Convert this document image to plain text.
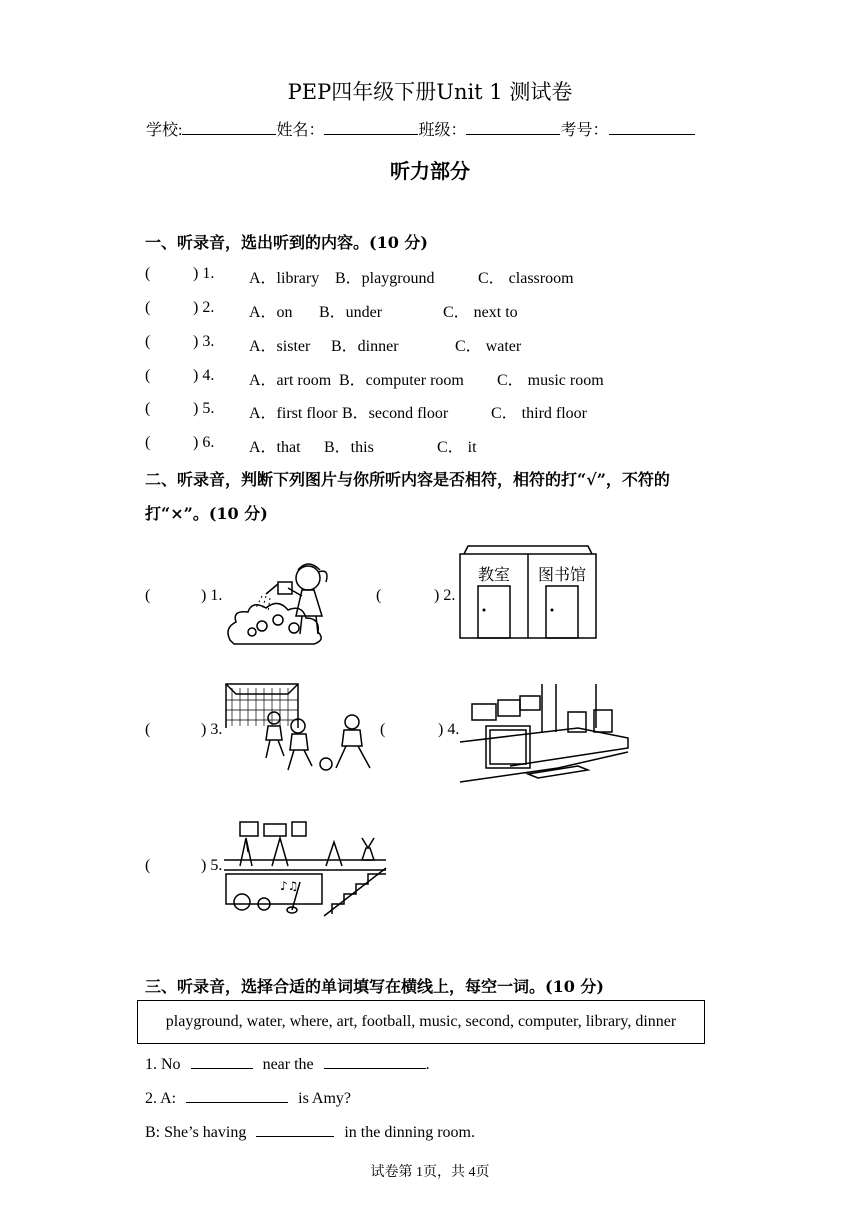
PEP四年级下册Unit 1 测试卷
学校:	姓名：	班级：	考号：
听力部分
一、听录音，选出听到的内容。(10 分)
(	) 1. A．library B．playground	C． classroom
(	) 2. A．on B．under	C． next to
(	) 3. A．sister B．dinner	C． water
(	) 4. A．art room B．computer room C． music room
(	) 5. A．first floor B．second floor	C． third floor
(	) 6. A．that B．this	C． it
二、听录音，判断下列图片与你所听内容是否相符，相符的打“√”，不符的
打“×”。(10 分)
(	) 1.	(	) 2.
(	) 3.	(	) 4.
(	) 5.
教室 图书馆
♪♫
三、听录音，选择合适的单词填写在横线上，每空一词。(10 分)
playground, water, where, art, football, music, second, computer, library, dinner
1. No	near the	.
2. A:	is Amy?
B: She’s having	in the dinning room.
试卷第 1页，共 4页
